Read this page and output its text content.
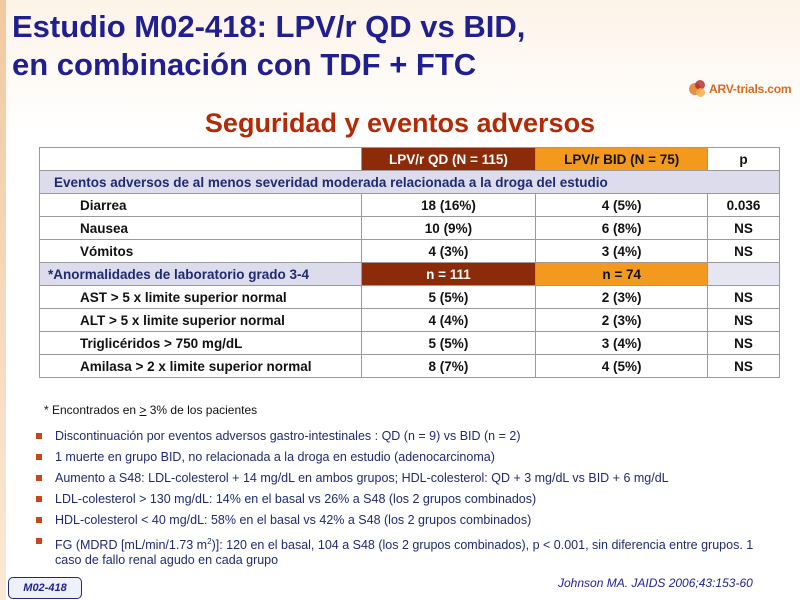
Estudio M02-418: LPV/r QD vs BID,
en combinación con TDF + FTC
ARV-trials.com
Seguridad y eventos adversos
	LPV/r QD (N = 115)	LPV/r BID (N = 75)	p
Eventos adversos de al menos severidad moderada relacionada a la droga del estudio			
Diarrea	18 (16%)	4 (5%)	0.036
Nausea	10 (9%)	6 (8%)	NS
Vómitos	4 (3%)	3 (4%)	NS
*Anormalidades de laboratorio grado 3-4	n = 111	n = 74	
AST > 5 x limite superior normal	5 (5%)	2 (3%)	NS
ALT > 5 x limite superior normal	4 (4%)	2 (3%)	NS
Triglicéridos > 750 mg/dL	5 (5%)	3 (4%)	NS
Amilasa > 2 x limite superior normal	8 (7%)	4 (5%)	NS
* Encontrados en > 3% de los pacientes
Discontinuación por eventos adversos gastro-intestinales : QD (n = 9) vs BID (n = 2)
1 muerte en grupo BID, no relacionada a la droga en estudio (adenocarcinoma)
Aumento a S48: LDL-colesterol + 14 mg/dL en ambos grupos; HDL-colesterol: QD + 3 mg/dL vs BID + 6 mg/dL
LDL-colesterol > 130 mg/dL: 14% en el basal vs 26% a S48 (los 2 grupos combinados)
HDL-colesterol < 40 mg/dL: 58% en el basal vs 42% a S48 (los 2 grupos combinados)
FG (MDRD [mL/min/1.73 $m^2$)]: 120 en el basal, 104 a S48 (los 2 grupos combinados), p < 0.001, sin diferencia entre grupos. 1 caso de fallo renal agudo en cada grupo
M02-418	Johnson MA. JAIDS 2006;43:153-60
